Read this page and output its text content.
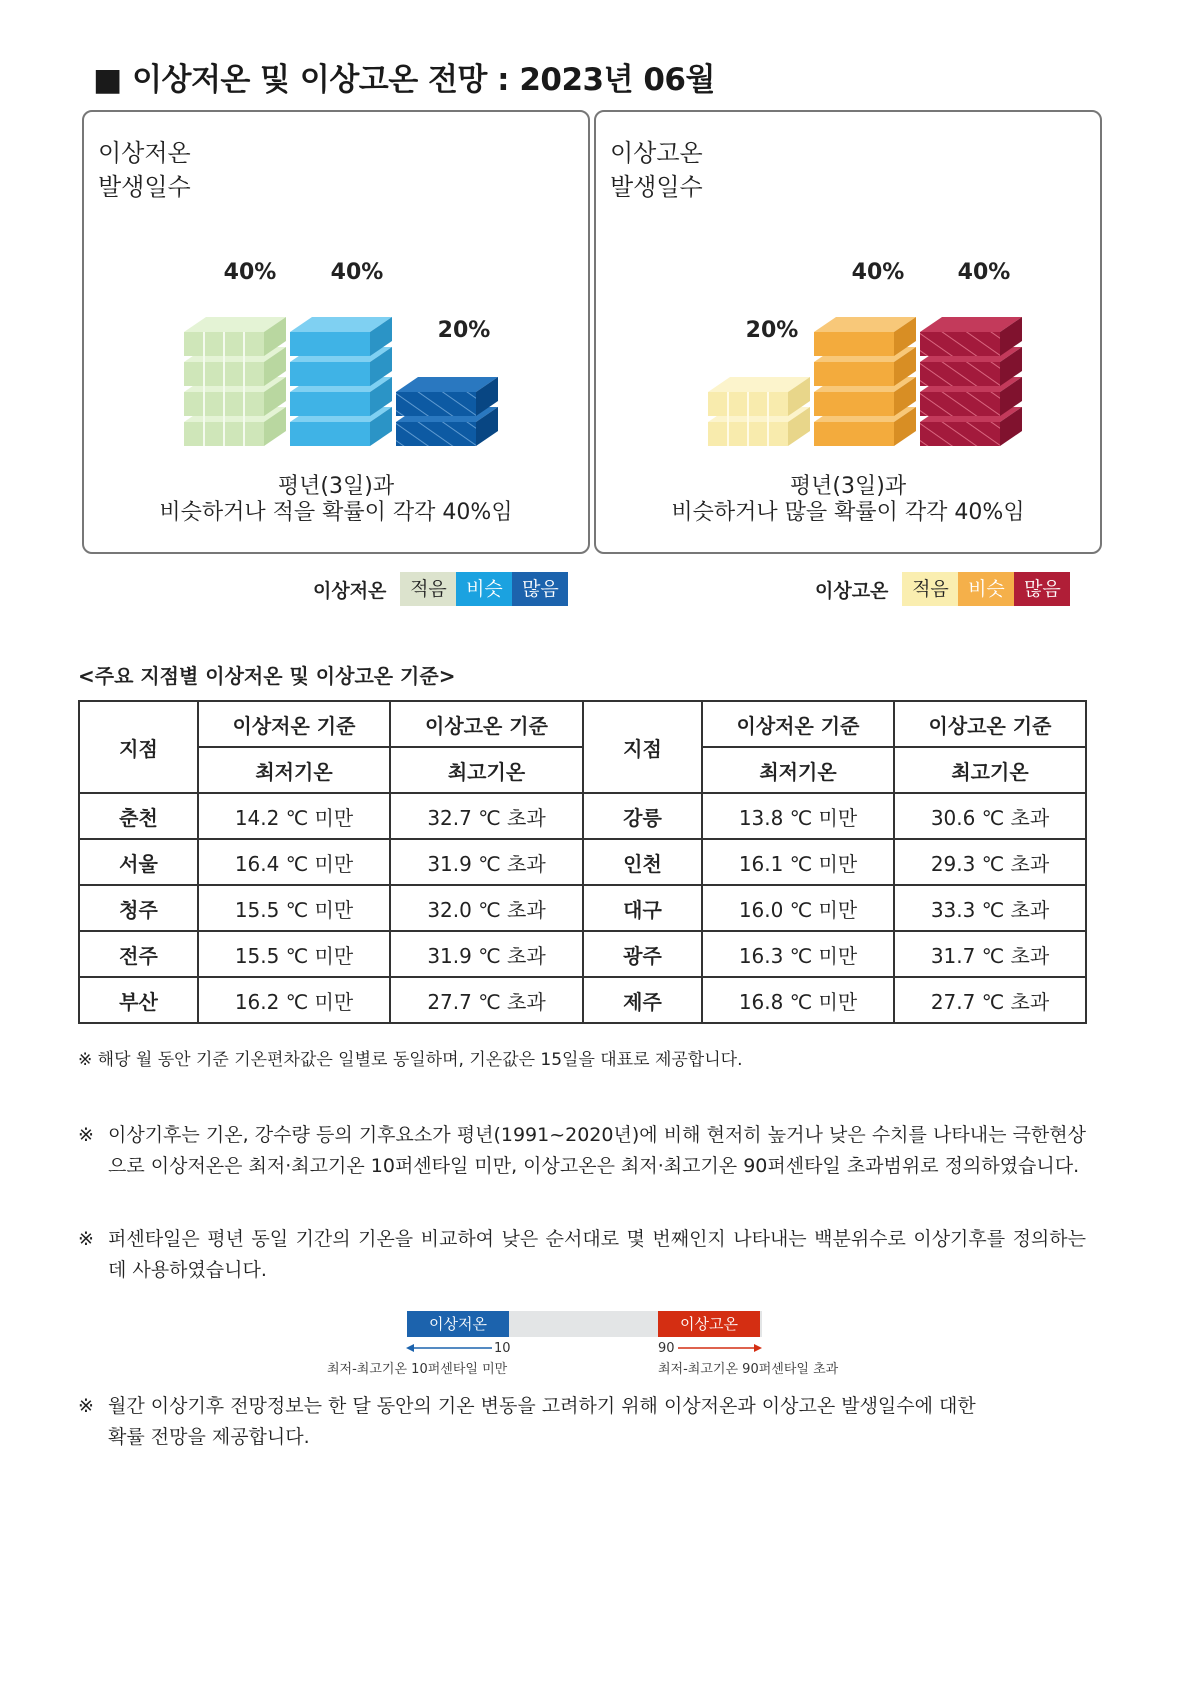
■ 이상저온 및 이상고온 전망 : 2023년 06월
이상저온
발생일수
40%	40%
20%
평년(3일)과
비슷하거나 적을 확률이 각각 40%임
이상고온
발생일수
20%
40%	40%
평년(3일)과
비슷하거나 많을 확률이 각각 40%임
이상저온	적음	비슷	많음	이상고온	적음	비슷	많음
<주요 지점별 이상저온 및 이상고온 기준>
지점	이상저온 기준	이상고온 기준	지점	이상저온 기준	이상고온 기준
	최저기온	최고기온		최저기온	최고기온
춘천	14.2 ℃ 미만	32.7 ℃ 초과	강릉	13.8 ℃ 미만	30.6 ℃ 초과
서울	16.4 ℃ 미만	31.9 ℃ 초과	인천	16.1 ℃ 미만	29.3 ℃ 초과
청주	15.5 ℃ 미만	32.0 ℃ 초과	대구	16.0 ℃ 미만	33.3 ℃ 초과
전주	15.5 ℃ 미만	31.9 ℃ 초과	광주	16.3 ℃ 미만	31.7 ℃ 초과
부산	16.2 ℃ 미만	27.7 ℃ 초과	제주	16.8 ℃ 미만	27.7 ℃ 초과
※ 해당 월 동안 기준 기온편차값은 일별로 동일하며, 기온값은 15일을 대표로 제공합니다.
※ 이상기후는 기온, 강수량 등의 기후요소가 평년(1991~2020년)에 비해 현저히 높거나 낮은 수치를 나타내는 극한현상으로 이상저온은 최저·최고기온 10퍼센타일 미만, 이상고온은 최저·최고기온 90퍼센타일 초과범위로 정의하였습니다.
※ 퍼센타일은 평년 동일 기간의 기온을 비교하여 낮은 순서대로 몇 번째인지 나타내는 백분위수로 이상기후를 정의하는 데 사용하였습니다.
이상저온	이상고온
10	90
최저-최고기온 10퍼센타일 미만	최저-최고기온 90퍼센타일 초과
※ 월간 이상기후 전망정보는 한 달 동안의 기온 변동을 고려하기 위해 이상저온과 이상고온 발생일수에 대한 확률 전망을 제공합니다.
